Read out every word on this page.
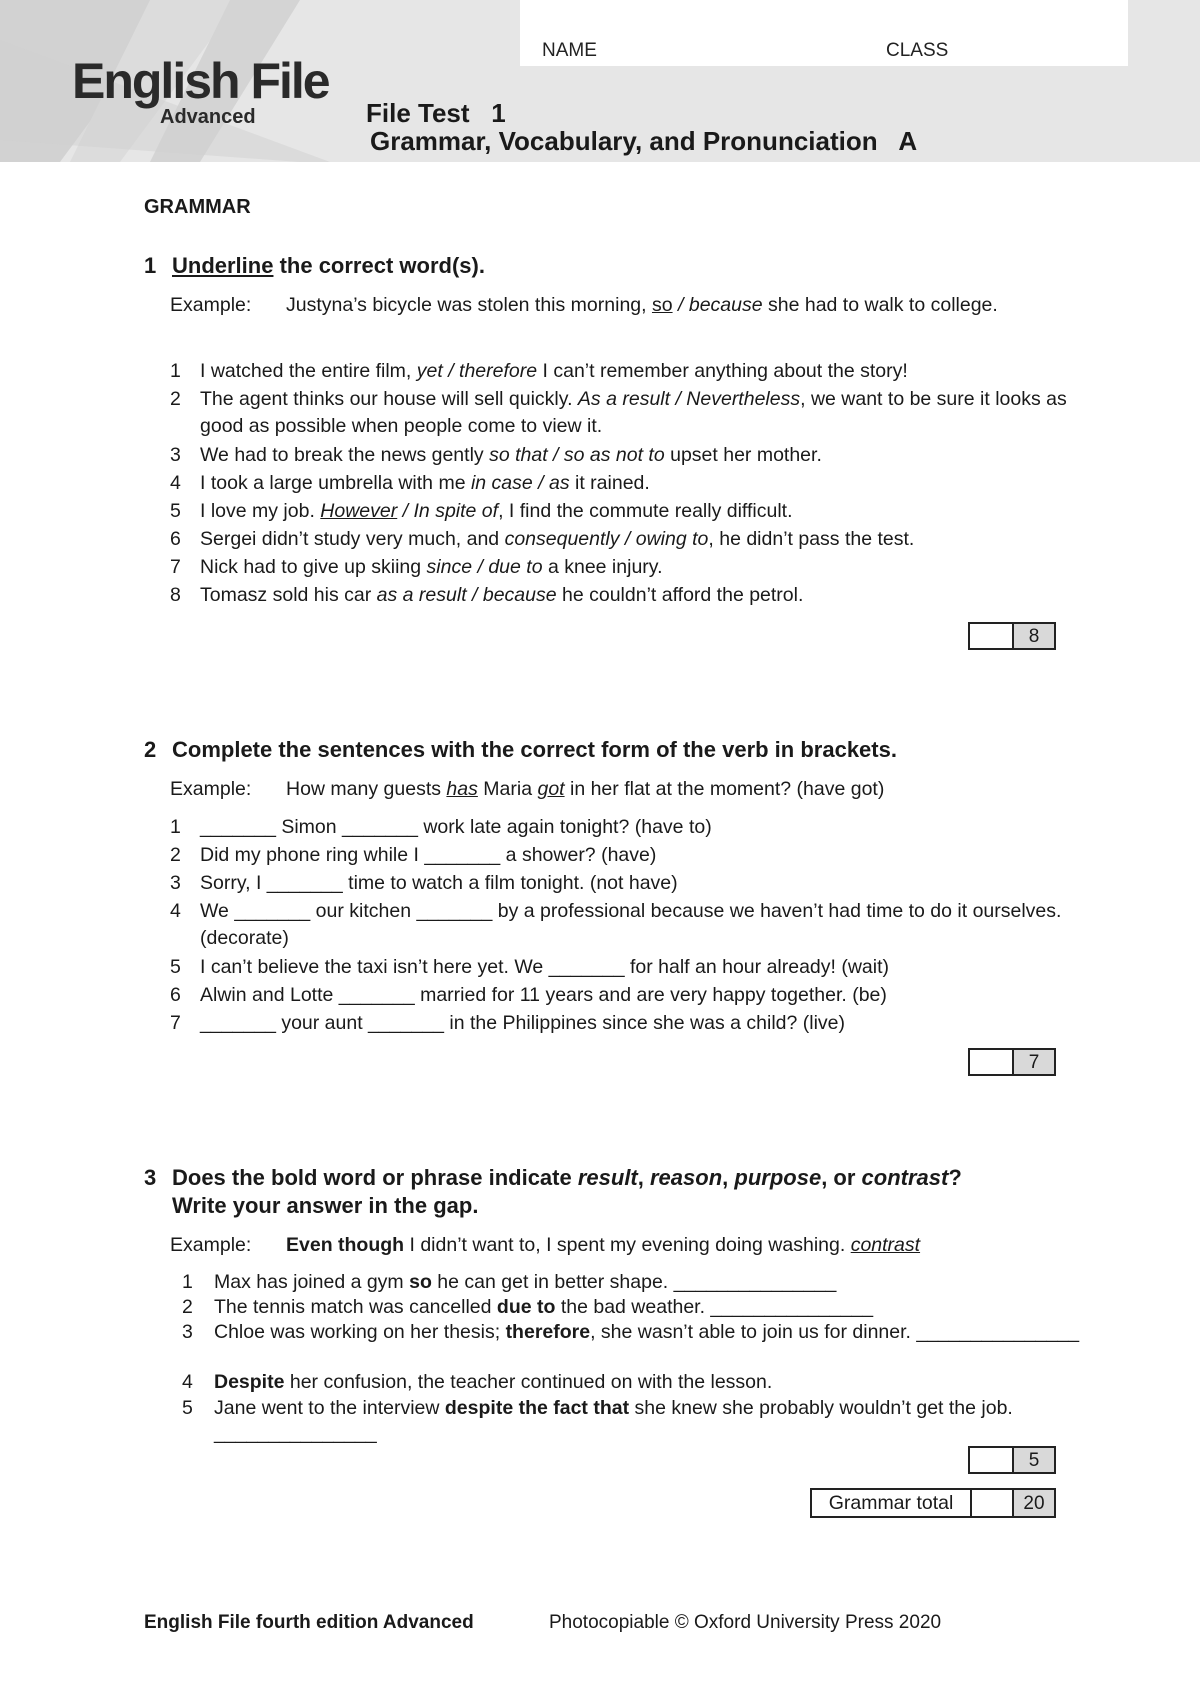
English File
Advanced
NAME	CLASS
File Test   1
Grammar, Vocabulary, and Pronunciation   A
GRAMMAR
1 Underline the correct word(s).
Example: Justyna’s bicycle was stolen this morning, so / because she had to walk to college.
1 I watched the entire film, yet / therefore I can’t remember anything about the story!
2 The agent thinks our house will sell quickly. As a result / Nevertheless, we want to be sure it looks as good as possible when people come to view it.
3 We had to break the news gently so that / so as not to upset her mother.
4 I took a large umbrella with me in case / as it rained.
5 I love my job. However / In spite of, I find the commute really difficult.
6 Sergei didn’t study very much, and consequently / owing to, he didn’t pass the test.
7 Nick had to give up skiing since / due to a knee injury.
8 Tomasz sold his car as a result / because he couldn’t afford the petrol.
8
2 Complete the sentences with the correct form of the verb in brackets.
Example: How many guests has Maria got in her flat at the moment? (have got)
1 _______ Simon _______ work late again tonight? (have to)
2 Did my phone ring while I _______ a shower? (have)
3 Sorry, I _______ time to watch a film tonight. (not have)
4 We _______ our kitchen _______ by a professional because we haven’t had time to do it ourselves. (decorate)
5 I can’t believe the taxi isn’t here yet. We _______ for half an hour already! (wait)
6 Alwin and Lotte _______ married for 11 years and are very happy together. (be)
7 _______ your aunt _______ in the Philippines since she was a child? (live)
7
3 Does the bold word or phrase indicate result, reason, purpose, or contrast?
Write your answer in the gap.
Example: Even though I didn’t want to, I spent my evening doing washing. contrast
1 Max has joined a gym so he can get in better shape. _______________
2 The tennis match was cancelled due to the bad weather. _______________
3 Chloe was working on her thesis; therefore, she wasn’t able to join us for dinner. _______________
4 Despite her confusion, the teacher continued on with the lesson.
5 Jane went to the interview despite the fact that she knew she probably wouldn’t get the job. _______________
5
Grammar total	20
English File fourth edition Advanced	Photocopiable © Oxford University Press 2020
